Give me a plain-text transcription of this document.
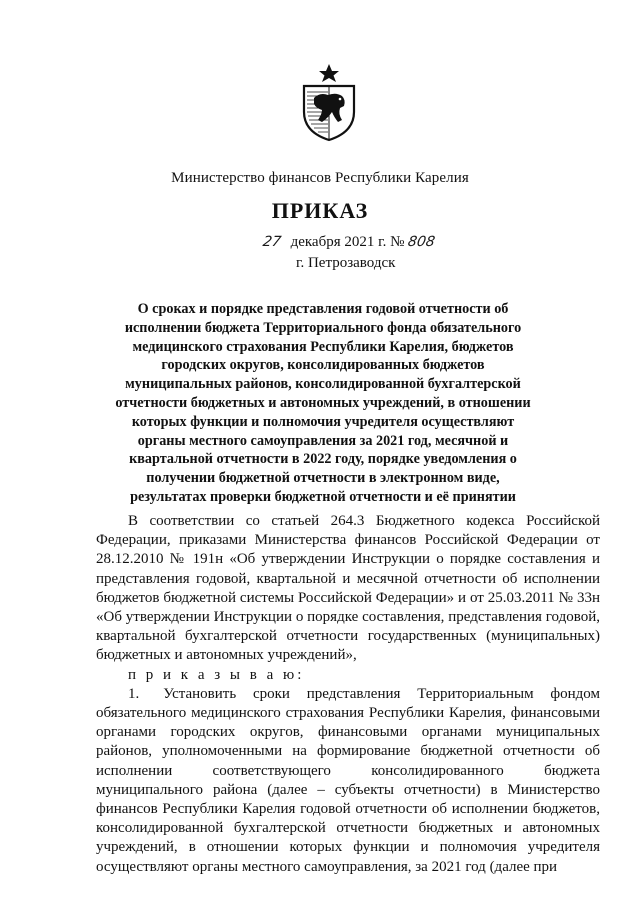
Министерство финансов Республики Карелия
ПРИКАЗ
27 декабря 2021 г. № 808
г. Петрозаводск
О сроках и порядке представления годовой отчетности об исполнении бюджета Территориального фонда обязательного медицинского страхования Республики Карелия, бюджетов городских округов, консолидированных бюджетов муниципальных районов, консолидированной бухгалтерской отчетности бюджетных и автономных учреждений, в отношении которых функции и полномочия учредителя осуществляют органы местного самоуправления за 2021 год, месячной и квартальной отчетности в 2022 году, порядке уведомления о получении бюджетной отчетности в электронном виде, результатах проверки бюджетной отчетности и её принятии

В соответствии со статьей 264.3 Бюджетного кодекса Российской Федерации, приказами Министерства финансов Российской Федерации от 28.12.2010 № 191н «Об утверждении Инструкции о порядке составления и представления годовой, квартальной и месячной отчетности об исполнении бюджетов бюджетной системы Российской Федерации» и от 25.03.2011 № 33н «Об утверждении Инструкции о порядке составления, представления годовой, квартальной бухгалтерской отчетности государственных (муниципальных) бюджетных и автономных учреждений»,

п р и к а з ы в а ю:

1. Установить сроки представления Территориальным фондом обязательного медицинского страхования Республики Карелия, финансовыми органами городских округов, финансовыми органами муниципальных районов, уполномоченными на формирование бюджетной отчетности об исполнении соответствующего консолидированного бюджета муниципального района (далее – субъекты отчетности) в Министерство финансов Республики Карелия годовой отчетности об исполнении бюджетов, консолидированной бухгалтерской отчетности бюджетных и автономных учреждений, в отношении которых функции и полномочия учредителя осуществляют органы местного самоуправления, за 2021 год (далее при
